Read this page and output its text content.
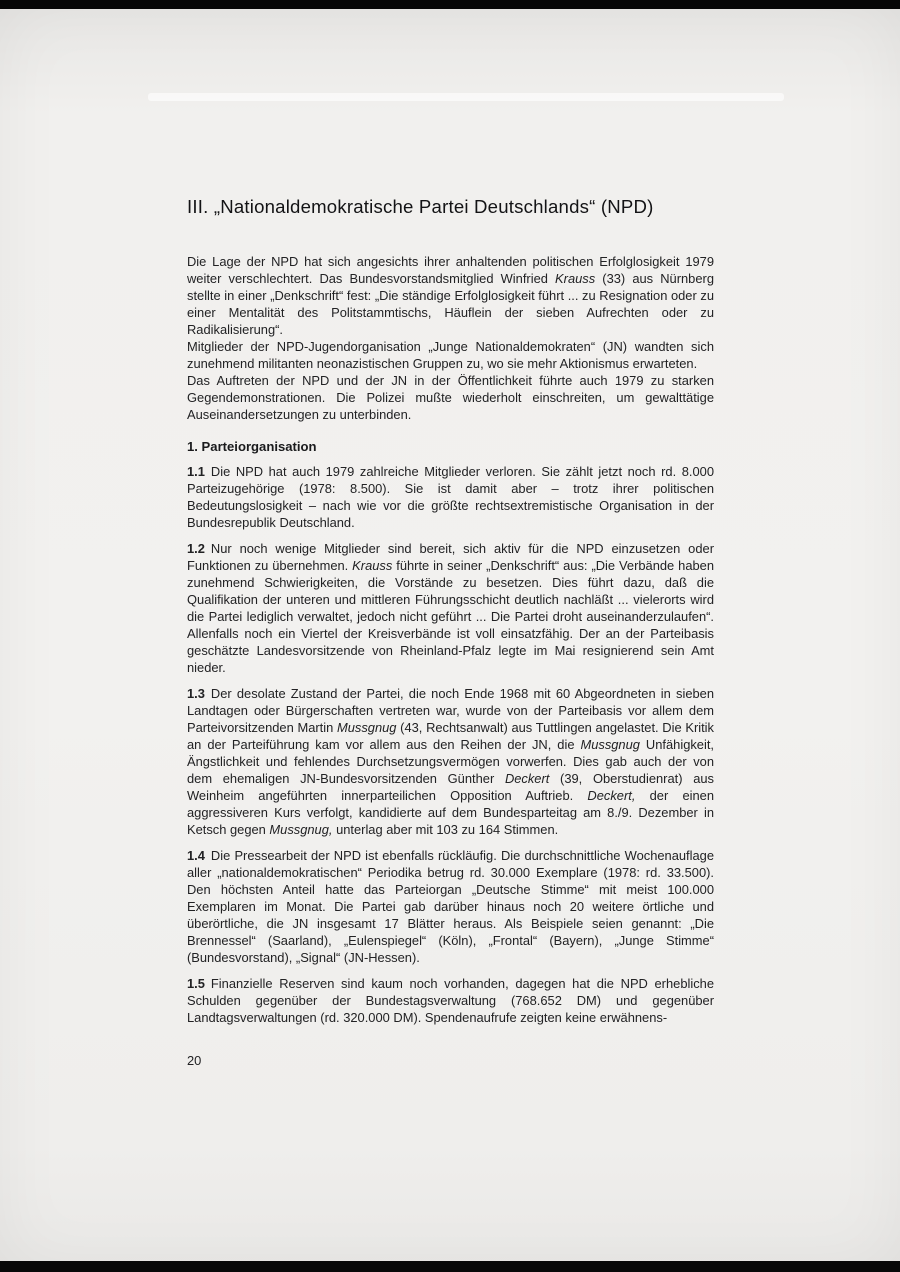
III. „Nationaldemokratische Partei Deutschlands“ (NPD)

Die Lage der NPD hat sich angesichts ihrer anhaltenden politischen Erfolglosigkeit 1979 weiter verschlechtert. Das Bundesvorstandsmitglied Winfried Krauss (33) aus Nürnberg stellte in einer „Denkschrift“ fest: „Die ständige Erfolglosigkeit führt ... zu Resignation oder zu einer Mentalität des Politstammtischs, Häuflein der sieben Aufrechten oder zu Radikalisierung“.

Mitglieder der NPD-Jugendorganisation „Junge Nationaldemokraten“ (JN) wandten sich zunehmend militanten neonazistischen Gruppen zu, wo sie mehr Aktionismus erwarteten.

Das Auftreten der NPD und der JN in der Öffentlichkeit führte auch 1979 zu starken Gegendemonstrationen. Die Polizei mußte wiederholt einschreiten, um gewalttätige Auseinandersetzungen zu unterbinden.

1. Parteiorganisation

1.1 Die NPD hat auch 1979 zahlreiche Mitglieder verloren. Sie zählt jetzt noch rd. 8.000 Parteizugehörige (1978: 8.500). Sie ist damit aber – trotz ihrer politischen Bedeutungslosigkeit – nach wie vor die größte rechtsextremistische Organisation in der Bundesrepublik Deutschland.

1.2 Nur noch wenige Mitglieder sind bereit, sich aktiv für die NPD einzusetzen oder Funktionen zu übernehmen. Krauss führte in seiner „Denkschrift“ aus: „Die Verbände haben zunehmend Schwierigkeiten, die Vorstände zu besetzen. Dies führt dazu, daß die Qualifikation der unteren und mittleren Führungsschicht deutlich nachläßt ... vielerorts wird die Partei lediglich verwaltet, jedoch nicht geführt ... Die Partei droht auseinanderzulaufen“. Allenfalls noch ein Viertel der Kreisverbände ist voll einsatzfähig. Der an der Parteibasis geschätzte Landesvorsitzende von Rheinland-Pfalz legte im Mai resignierend sein Amt nieder.

1.3 Der desolate Zustand der Partei, die noch Ende 1968 mit 60 Abgeordneten in sieben Landtagen oder Bürgerschaften vertreten war, wurde von der Parteibasis vor allem dem Parteivorsitzenden Martin Mussgnug (43, Rechtsanwalt) aus Tuttlingen angelastet. Die Kritik an der Parteiführung kam vor allem aus den Reihen der JN, die Mussgnug Unfähigkeit, Ängstlichkeit und fehlendes Durchsetzungsvermögen vorwerfen. Dies gab auch der von dem ehemaligen JN-Bundesvorsitzenden Günther Deckert (39, Oberstudienrat) aus Weinheim angeführten innerparteilichen Opposition Auftrieb. Deckert, der einen aggressiveren Kurs verfolgt, kandidierte auf dem Bundesparteitag am 8./9. Dezember in Ketsch gegen Mussgnug, unterlag aber mit 103 zu 164 Stimmen.

1.4 Die Pressearbeit der NPD ist ebenfalls rückläufig. Die durchschnittliche Wochenauflage aller „nationaldemokratischen“ Periodika betrug rd. 30.000 Exemplare (1978: rd. 33.500). Den höchsten Anteil hatte das Parteiorgan „Deutsche Stimme“ mit meist 100.000 Exemplaren im Monat. Die Partei gab darüber hinaus noch 20 weitere örtliche und überörtliche, die JN insgesamt 17 Blätter heraus. Als Beispiele seien genannt: „Die Brennessel“ (Saarland), „Eulenspiegel“ (Köln), „Frontal“ (Bayern), „Junge Stimme“ (Bundesvorstand), „Signal“ (JN-Hessen).

1.5 Finanzielle Reserven sind kaum noch vorhanden, dagegen hat die NPD erhebliche Schulden gegenüber der Bundestagsverwaltung (768.652 DM) und gegenüber Landtagsverwaltungen (rd. 320.000 DM). Spendenaufrufe zeigten keine erwähnens-

20
